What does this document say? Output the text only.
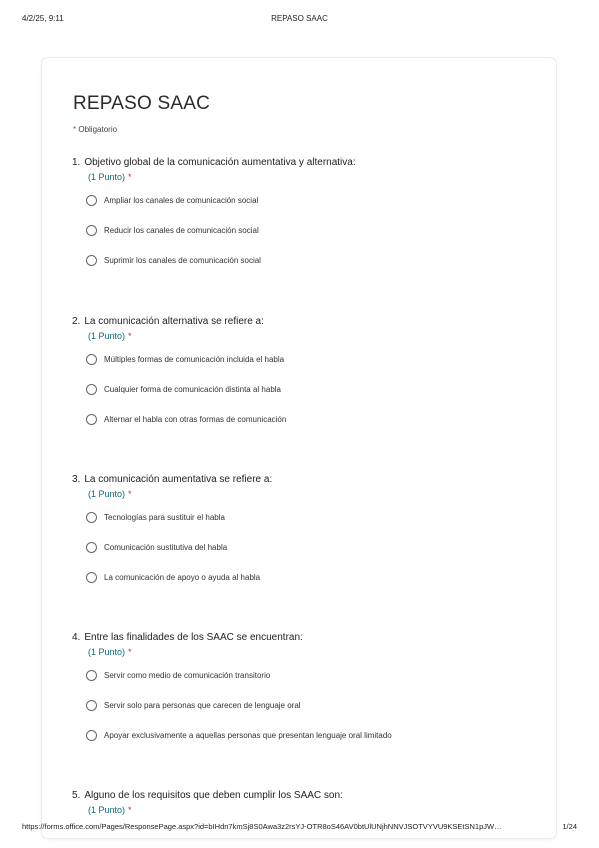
4/2/25, 9:11	REPASO SAAC
REPASO SAAC
* Obligatorio
1. Objetivo global de la comunicación aumentativa y alternativa:
(1 Punto) *
Ampliar los canales de comunicación social
Reducir los canales de comunicación social
Suprimir los canales de comunicación social
2. La comunicación alternativa se refiere a:
(1 Punto) *
Múltiples formas de comunicación incluida el habla
Cualquier forma de comunicación distinta al habla
Alternar el habla con otras formas de comunicación
3. La comunicación aumentativa se refiere a:
(1 Punto) *
Tecnologías para sustituir el habla
Comunicación sustitutiva del habla
La comunicación de apoyo o ayuda al habla
4. Entre las finalidades de los SAAC se encuentran:
(1 Punto) *
Servir como medio de comunicación transitorio
Servir solo para personas que carecen de lenguaje oral
Apoyar exclusivamente a aquellas personas que presentan lenguaje oral limitado
5. Alguno de los requisitos que deben cumplir los SAAC son:
(1 Punto) *
https://forms.office.com/Pages/ResponsePage.aspx?id=bIHdn7kmSj8S0Awa3z2rsYJ-OTR8oS46AV0btUlUNjhNNVJSOTVYVU9KSEtSN1pJW…	1/24
